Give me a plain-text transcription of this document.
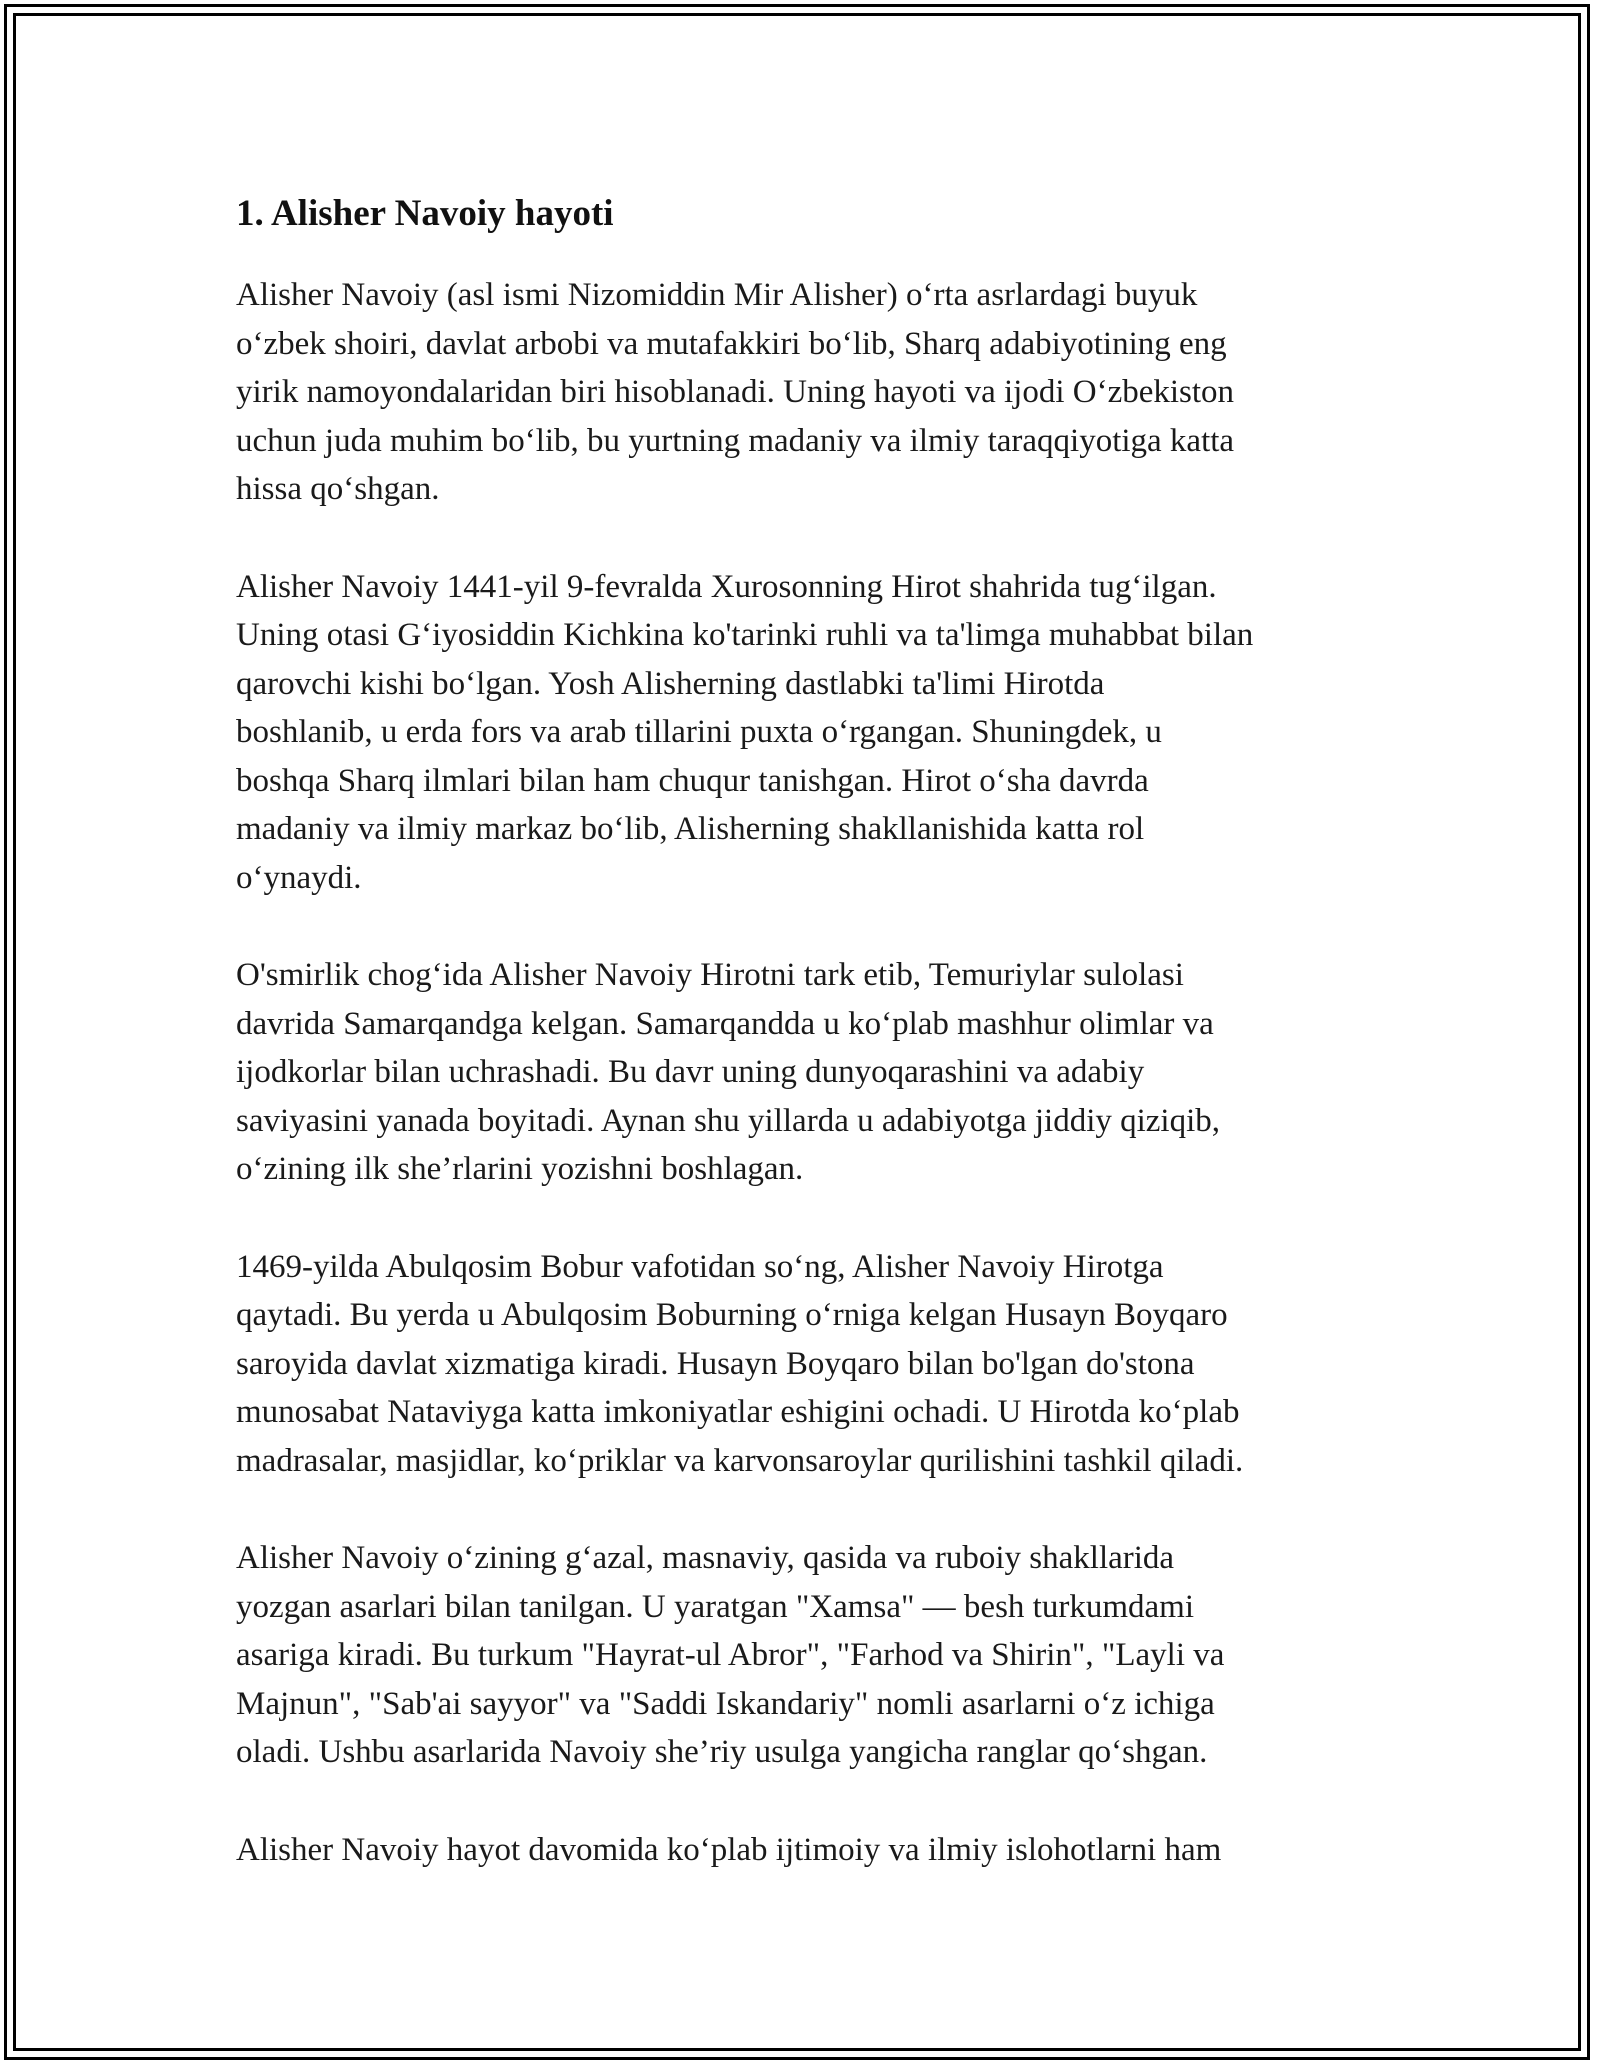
1. Alisher Navoiy hayoti

Alisher Navoiy (asl ismi Nizomiddin Mir Alisher) o‘rta asrlardagi buyuk
o‘zbek shoiri, davlat arbobi va mutafakkiri bo‘lib, Sharq adabiyotining eng
yirik namoyondalaridan biri hisoblanadi. Uning hayoti va ijodi O‘zbekiston
uchun juda muhim bo‘lib, bu yurtning madaniy va ilmiy taraqqiyotiga katta
hissa qo‘shgan.

Alisher Navoiy 1441-yil 9-fevralda Xurosonning Hirot shahrida tug‘ilgan.
Uning otasi G‘iyosiddin Kichkina ko'tarinki ruhli va ta'limga muhabbat bilan
qarovchi kishi bo‘lgan. Yosh Alisherning dastlabki ta'limi Hirotda
boshlanib, u erda fors va arab tillarini puxta o‘rgangan. Shuningdek, u
boshqa Sharq ilmlari bilan ham chuqur tanishgan. Hirot o‘sha davrda
madaniy va ilmiy markaz bo‘lib, Alisherning shakllanishida katta rol
o‘ynaydi.

O'smirlik chog‘ida Alisher Navoiy Hirotni tark etib, Temuriylar sulolasi
davrida Samarqandga kelgan. Samarqandda u ko‘plab mashhur olimlar va
ijodkorlar bilan uchrashadi. Bu davr uning dunyoqarashini va adabiy
saviyasini yanada boyitadi. Aynan shu yillarda u adabiyotga jiddiy qiziqib,
o‘zining ilk she’rlarini yozishni boshlagan.

1469-yilda Abulqosim Bobur vafotidan so‘ng, Alisher Navoiy Hirotga
qaytadi. Bu yerda u Abulqosim Boburning o‘rniga kelgan Husayn Boyqaro
saroyida davlat xizmatiga kiradi. Husayn Boyqaro bilan bo'lgan do'stona
munosabat Nataviyga katta imkoniyatlar eshigini ochadi. U Hirotda ko‘plab
madrasalar, masjidlar, ko‘priklar va karvonsaroylar qurilishini tashkil qiladi.

Alisher Navoiy o‘zining g‘azal, masnaviy, qasida va ruboiy shakllarida
yozgan asarlari bilan tanilgan. U yaratgan "Xamsa" — besh turkumdami
asariga kiradi. Bu turkum "Hayrat-ul Abror", "Farhod va Shirin", "Layli va
Majnun", "Sab'ai sayyor" va "Saddi Iskandariy" nomli asarlarni o‘z ichiga
oladi. Ushbu asarlarida Navoiy she’riy usulga yangicha ranglar qo‘shgan.

Alisher Navoiy hayot davomida ko‘plab ijtimoiy va ilmiy islohotlarni ham
